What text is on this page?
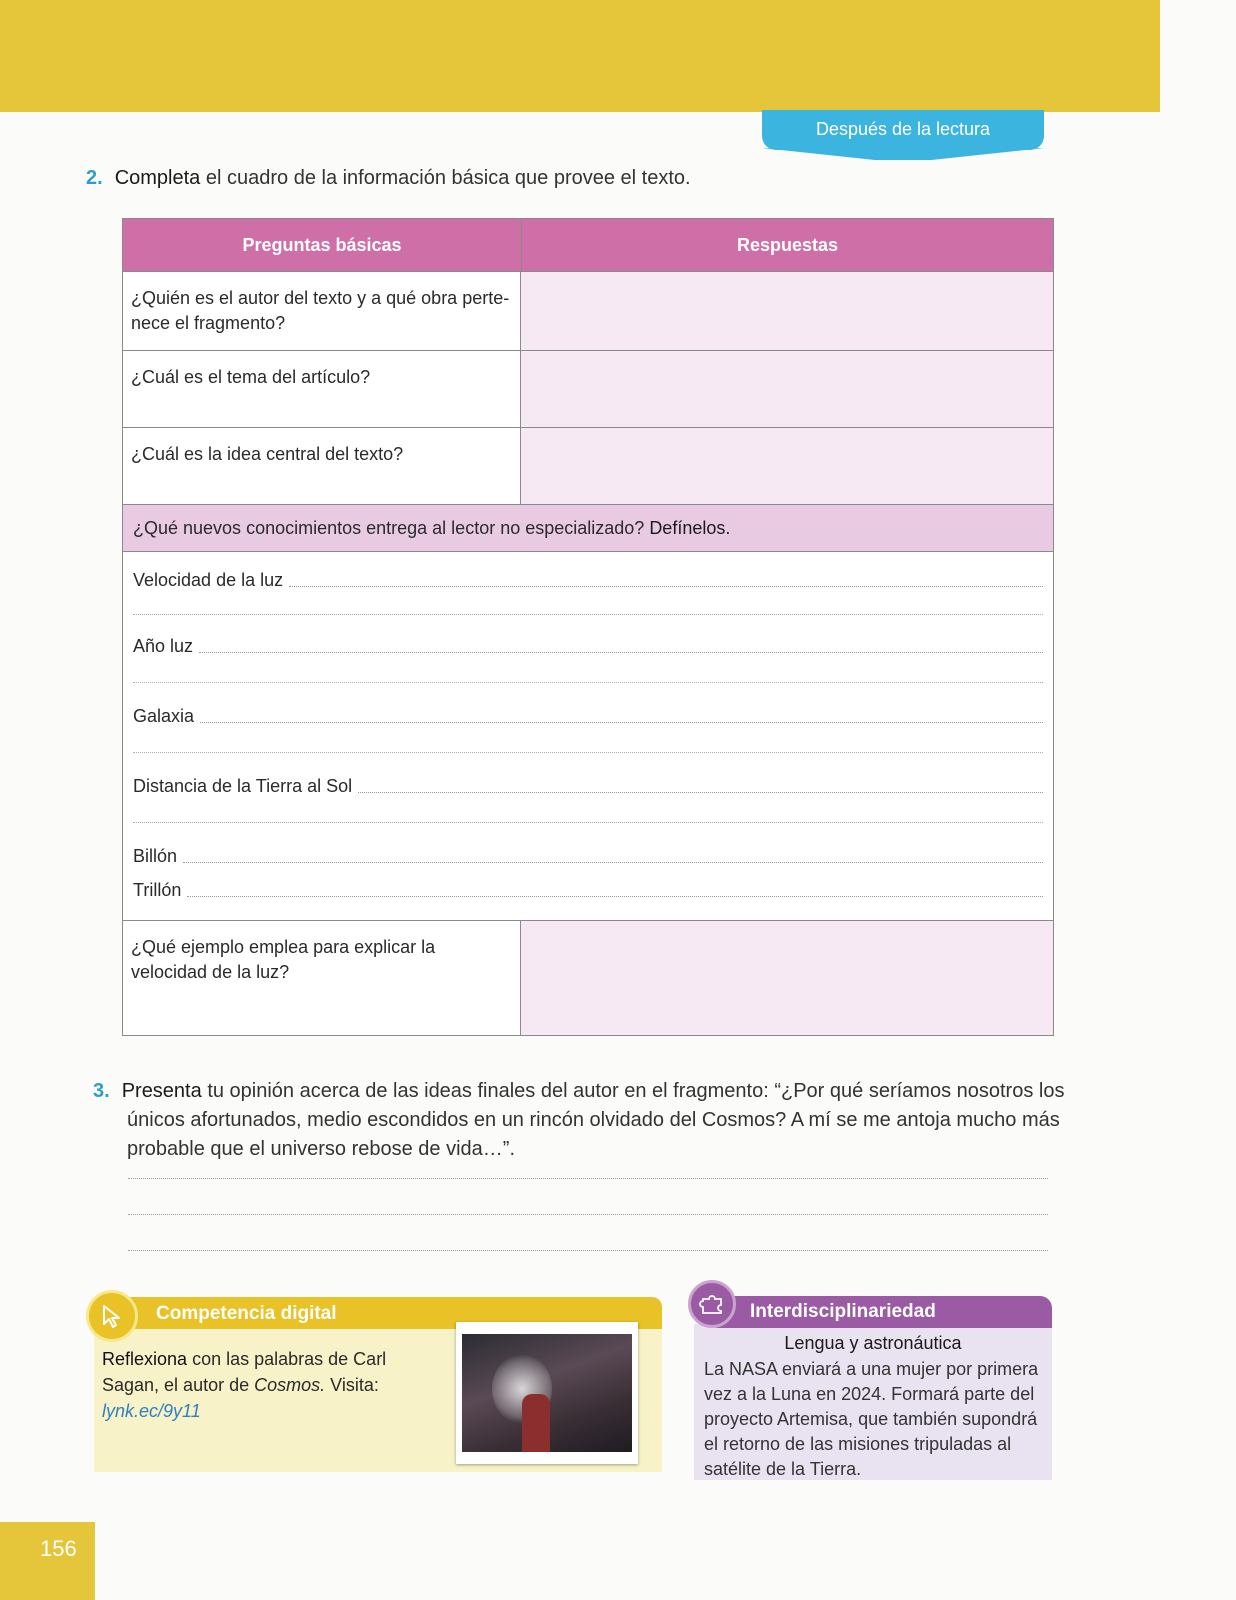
Después de la lectura
2. Completa el cuadro de la información básica que provee el texto.
Preguntas básicas	Respuestas
¿Quién es el autor del texto y a qué obra perte-nece el fragmento?
¿Cuál es el tema del artículo?
¿Cuál es la idea central del texto?
¿Qué nuevos conocimientos entrega al lector no especializado? Defínelos.
Velocidad de la luz
Año luz
Galaxia
Distancia de la Tierra al Sol
Billón
Trillón
¿Qué ejemplo emplea para explicar la velocidad de la luz?
3. Presenta tu opinión acerca de las ideas finales del autor en el fragmento: “¿Por qué seríamos nosotros los únicos afortunados, medio escondidos en un rincón olvidado del Cosmos? A mí se me antoja mucho más probable que el universo rebose de vida…”.
Competencia digital
Reflexiona con las palabras de Carl Sagan, el autor de Cosmos. Visita:
lynk.ec/9y11
Interdisciplinariedad
Lengua y astronáutica
La NASA enviará a una mujer por primera vez a la Luna en 2024. Formará parte del proyecto Artemisa, que también supondrá el retorno de las misiones tripuladas al satélite de la Tierra.
156
